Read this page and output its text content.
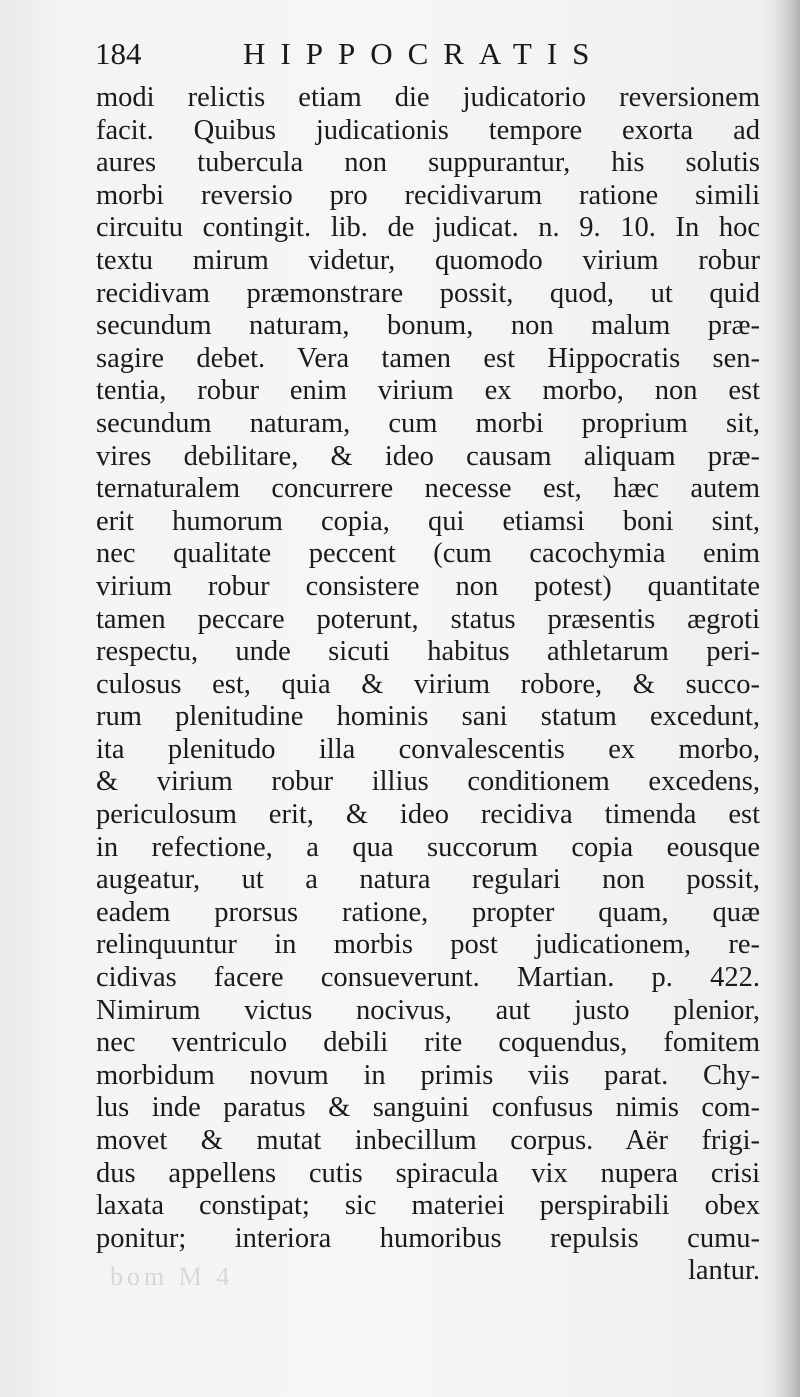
184	HIPPOCRATIS
modi relictis etiam die judicatorio reversionem
facit. Quibus judicationis tempore exorta ad
aures tubercula non suppurantur, his solutis
morbi reversio pro recidivarum ratione simili
circuitu contingit. lib. de judicat. n. 9. 10. In hoc
textu mirum videtur, quomodo virium robur
recidivam præmonstrare possit, quod, ut quid
secundum naturam, bonum, non malum præ-
sagire debet. Vera tamen est Hippocratis sen-
tentia, robur enim virium ex morbo, non est
secundum naturam, cum morbi proprium sit,
vires debilitare, & ideo causam aliquam præ-
ternaturalem concurrere necesse est, hæc autem
erit humorum copia, qui etiamsi boni sint,
nec qualitate peccent (cum cacochymia enim
virium robur consistere non potest) quantitate
tamen peccare poterunt, status præsentis ægroti
respectu, unde sicuti habitus athletarum peri-
culosus est, quia & virium robore, & succo-
rum plenitudine hominis sani statum excedunt,
ita plenitudo illa convalescentis ex morbo,
& virium robur illius conditionem excedens,
periculosum erit, & ideo recidiva timenda est
in refectione, a qua succorum copia eousque
augeatur, ut a natura regulari non possit,
eadem prorsus ratione, propter quam, quæ
relinquuntur in morbis post judicationem, re-
cidivas facere consueverunt. Martian. p. 422.
Nimirum victus nocivus, aut justo plenior,
nec ventriculo debili rite coquendus, fomitem
morbidum novum in primis viis parat. Chy-
lus inde paratus & sanguini confusus nimis com-
movet & mutat inbecillum corpus. Aër frigi-
dus appellens cutis spiracula vix nupera crisi
laxata constipat; sic materiei perspirabili obex
ponitur; interiora humoribus repulsis cumu-
lantur.
bom M 4
